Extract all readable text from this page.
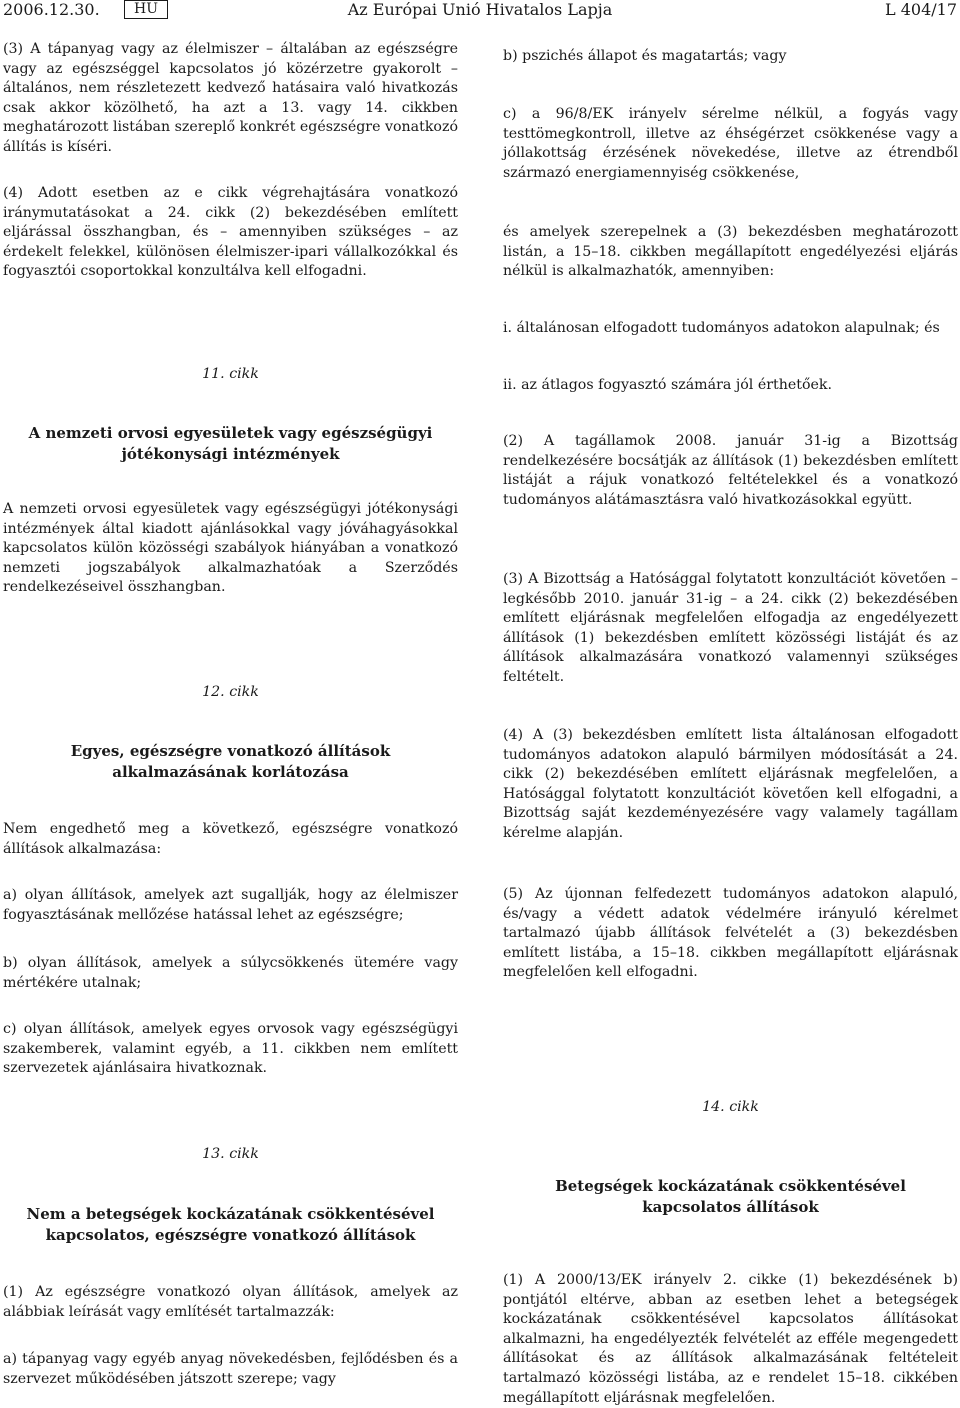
2006.12.30.	HU	Az Európai Unió Hivatalos Lapja	L 404/17

(3) A tápanyag vagy az élelmiszer – általában az egészségre vagy az egészséggel kapcsolatos jó közérzetre gyakorolt – általános, nem részletezett kedvező hatásaira való hivatkozás csak akkor közölhető, ha azt a 13. vagy 14. cikkben meghatározott listában szereplő konkrét egészségre vonatkozó állítás is kíséri.

(4) Adott esetben az e cikk végrehajtására vonatkozó iránymutatásokat a 24. cikk (2) bekezdésében említett eljárással összhangban, és – amennyiben szükséges – az érdekelt felekkel, különösen élelmiszer-ipari vállalkozókkal és fogyasztói csoportokkal konzultálva kell elfogadni.

11. cikk

A nemzeti orvosi egyesületek vagy egészségügyi jótékonysági intézmények

A nemzeti orvosi egyesületek vagy egészségügyi jótékonysági intézmények által kiadott ajánlásokkal vagy jóváhagyásokkal kapcsolatos külön közösségi szabályok hiányában a vonatkozó nemzeti jogszabályok alkalmazhatóak a Szerződés rendelkezéseivel összhangban.

12. cikk

Egyes, egészségre vonatkozó állítások alkalmazásának korlátozása

Nem engedhető meg a következő, egészségre vonatkozó állítások alkalmazása:

a) olyan állítások, amelyek azt sugallják, hogy az élelmiszer fogyasztásának mellőzése hatással lehet az egészségre;

b) olyan állítások, amelyek a súlycsökkenés ütemére vagy mértékére utalnak;

c) olyan állítások, amelyek egyes orvosok vagy egészségügyi szakemberek, valamint egyéb, a 11. cikkben nem említett szervezetek ajánlásaira hivatkoznak.

13. cikk

Nem a betegségek kockázatának csökkentésével kapcsolatos, egészségre vonatkozó állítások

(1) Az egészségre vonatkozó olyan állítások, amelyek az alábbiak leírását vagy említését tartalmazzák:

a) tápanyag vagy egyéb anyag növekedésben, fejlődésben és a szervezet működésében játszott szerepe; vagy

b) pszichés állapot és magatartás; vagy

c) a 96/8/EK irányelv sérelme nélkül, a fogyás vagy testtömegkontroll, illetve az éhségérzet csökkenése vagy a jóllakottság érzésének növekedése, illetve az étrendből származó energiamennyiség csökkenése,

és amelyek szerepelnek a (3) bekezdésben meghatározott listán, a 15–18. cikkben megállapított engedélyezési eljárás nélkül is alkalmazhatók, amennyiben:

i. általánosan elfogadott tudományos adatokon alapulnak; és

ii. az átlagos fogyasztó számára jól érthetőek.

(2) A tagállamok 2008. január 31-ig a Bizottság rendelkezésére bocsátják az állítások (1) bekezdésben említett listáját a rájuk vonatkozó feltételekkel és a vonatkozó tudományos alátámasztásra való hivatkozásokkal együtt.

(3) A Bizottság a Hatósággal folytatott konzultációt követően – legkésőbb 2010. január 31-ig – a 24. cikk (2) bekezdésében említett eljárásnak megfelelően elfogadja az engedélyezett állítások (1) bekezdésben említett közösségi listáját és az állítások alkalmazására vonatkozó valamennyi szükséges feltételt.

(4) A (3) bekezdésben említett lista általánosan elfogadott tudományos adatokon alapuló bármilyen módosítását a 24. cikk (2) bekezdésében említett eljárásnak megfelelően, a Hatósággal folytatott konzultációt követően kell elfogadni, a Bizottság saját kezdeményezésére vagy valamely tagállam kérelme alapján.

(5) Az újonnan felfedezett tudományos adatokon alapuló, és/vagy a védett adatok védelmére irányuló kérelmet tartalmazó újabb állítások felvételét a (3) bekezdésben említett listába, a 15–18. cikkben megállapított eljárásnak megfelelően kell elfogadni.

14. cikk

Betegségek kockázatának csökkentésével kapcsolatos állítások

(1) A 2000/13/EK irányelv 2. cikke (1) bekezdésének b) pontjától eltérve, abban az esetben lehet a betegségek kockázatának csökkentésével kapcsolatos állításokat alkalmazni, ha engedélyezték felvételét az efféle megengedett állításokat és az állítások alkalmazásának feltételeit tartalmazó közösségi listába, az e rendelet 15–18. cikkében megállapított eljárásnak megfelelően.
